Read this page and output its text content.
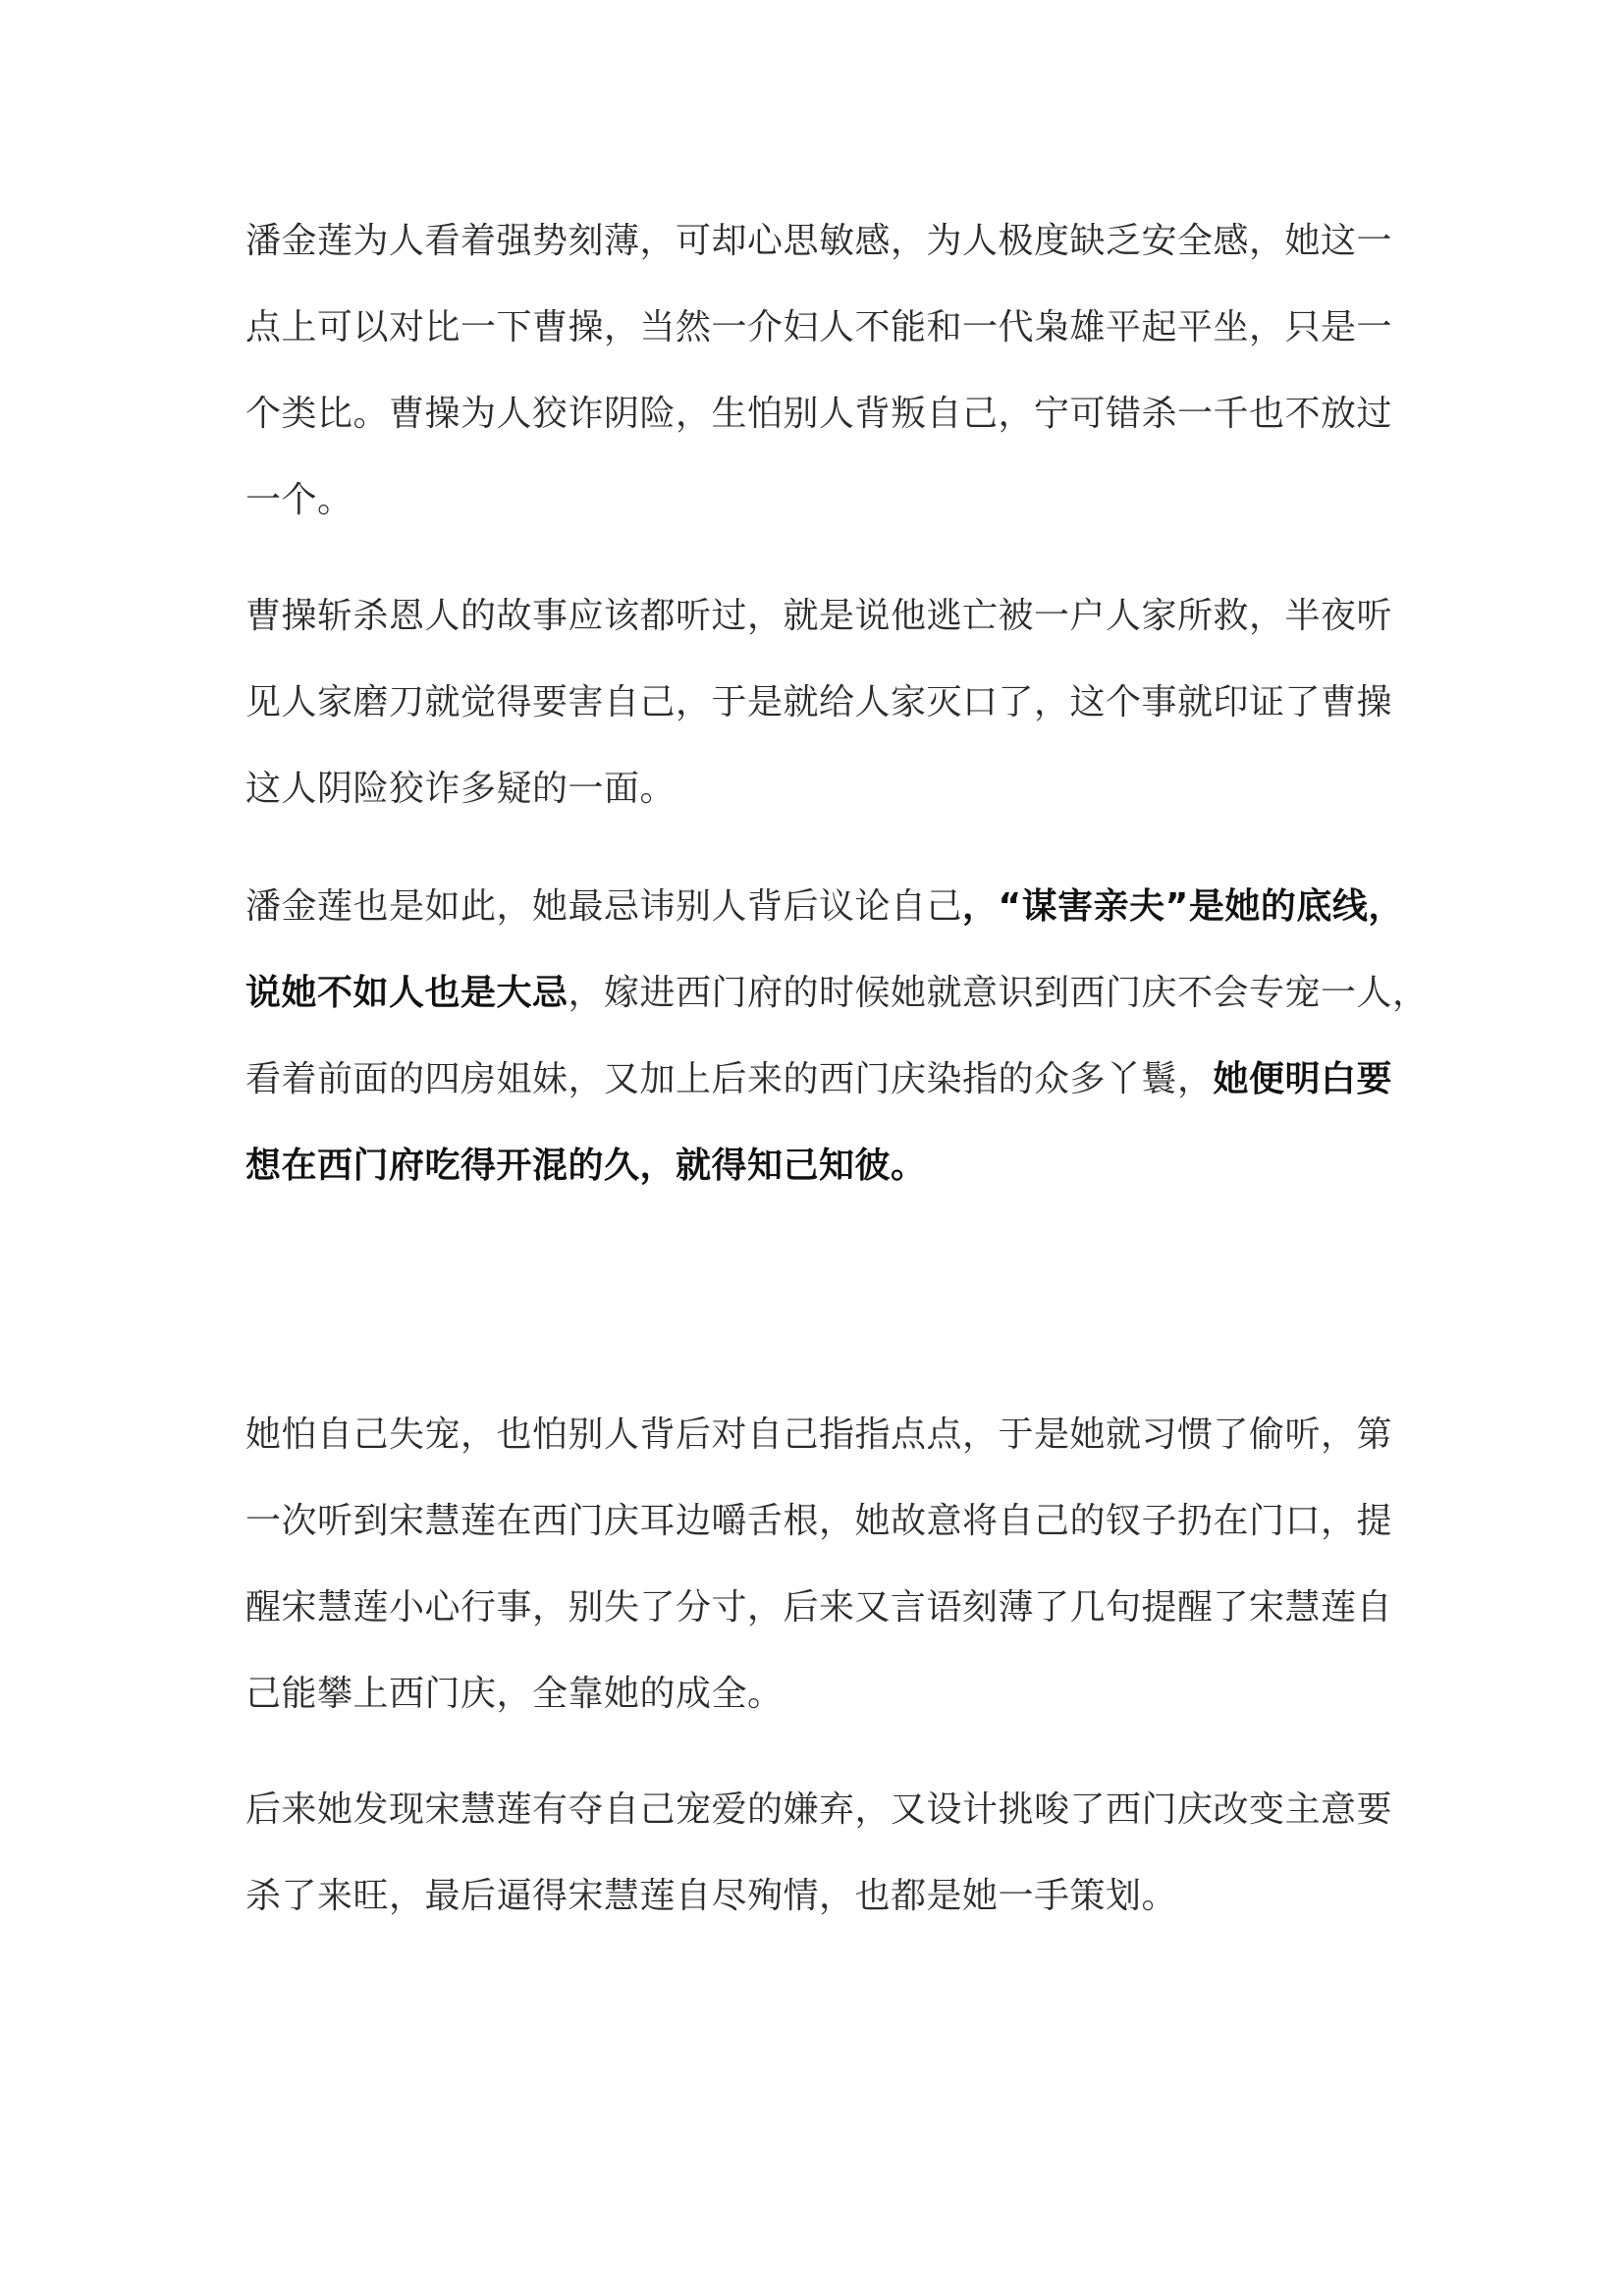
潘金莲为人看着强势刻薄，可却心思敏感，为人极度缺乏安全感，她这一
点上可以对比一下曹操，当然一介妇人不能和一代枭雄平起平坐，只是一
个类比。曹操为人狡诈阴险，生怕别人背叛自己，宁可错杀一千也不放过
一个。

曹操斩杀恩人的故事应该都听过，就是说他逃亡被一户人家所救，半夜听
见人家磨刀就觉得要害自己，于是就给人家灭口了，这个事就印证了曹操
这人阴险狡诈多疑的一面。

潘金莲也是如此，她最忌讳别人背后议论自己，“谋害亲夫”是她的底线，
说她不如人也是大忌，嫁进西门府的时候她就意识到西门庆不会专宠一人，
看着前面的四房姐妹，又加上后来的西门庆染指的众多丫鬟，她便明白要
想在西门府吃得开混的久，就得知己知彼。

她怕自己失宠，也怕别人背后对自己指指点点，于是她就习惯了偷听，第
一次听到宋慧莲在西门庆耳边嚼舌根，她故意将自己的钗子扔在门口，提
醒宋慧莲小心行事，别失了分寸，后来又言语刻薄了几句提醒了宋慧莲自
己能攀上西门庆，全靠她的成全。

后来她发现宋慧莲有夺自己宠爱的嫌弃，又设计挑唆了西门庆改变主意要
杀了来旺，最后逼得宋慧莲自尽殉情，也都是她一手策划。
